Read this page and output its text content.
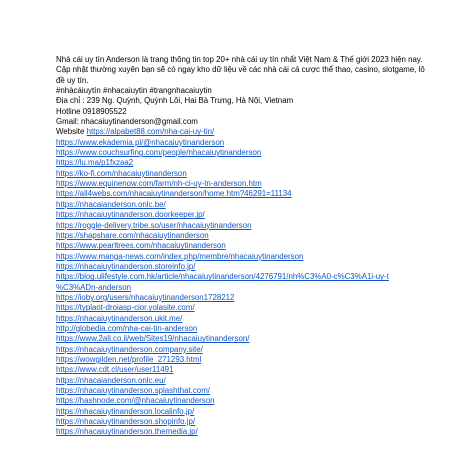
Nhà cái uy tín Anderson là trang thông tin top 20+ nhà cái uy tín nhất Việt Nam & Thế giới 2023 hiện nay. Cập nhật thường xuyên bạn sẽ có ngay kho dữ liệu về các nhà cái cá cược thể thao, casino, slotgame, lô đề uy tín.

#nhàcáiuytín #nhacaiuytin #trangnhacaiuytin
Địa chỉ : 239 Ng. Quỳnh, Quỳnh Lôi, Hai Bà Trưng, Hà Nội, Vietnam
Hotline 0918905522
Gmail: nhacaiuytinanderson@gmail.com
Website https://alpabet88.com/nha-cai-uy-tin/
https://www.ekademia.pl/@nhacaiuytinanderson
https://www.couchsurfing.com/people/nhacaiuytinanderson
https://lu.ma/p1fxzaa2
https://ko-fi.com/nhacaiuytinanderson
https://www.equinenow.com/farm/nh-ci-uy-tn-anderson.htm
https://all4webs.com/nhacaiuytinanderson/home.htm?46291=11134
https://nhacaianderson.onlc.be/
https://nhacaiuytinanderson.doorkeeper.jp/
https://roggle-delivery.tribe.so/user/nhacaiuytinanderson
https://shapshare.com/nhacaiuytinanderson
https://www.pearltrees.com/nhacaiuytinanderson
https://www.manga-news.com/index.php/membre/nhacaiuytinanderson
https://nhacaiuytinanderson.storeinfo.jp/
https://blog.ulifestyle.com.hk/article/nhacaiuytinanderson/4276791/nh%C3%A0-c%C3%A1i-uy-t
%C3%ADn-anderson
https://ioby.org/users/nhacaiuytinanderson1728212
https://typlaot-droiasp-cior.yolasite.com/
https://nhacaiuytinanderson.ukit.me/
http://globedia.com/nha-cai-tin-anderson
https://www.2all.co.il/web/Sites19/nhacaiuytinanderson/
https://nhacaiuytinanderson.company.site/
https://wowgilden.net/profile_271293.html
https://www.cdt.cl/user/user11491
https://nhacaianderson.onlc.eu/
https://nhacaiuytinanderson.splashthat.com/
https://hashnode.com/@nhacaiuytinanderson
https://nhacaiuytinanderson.localinfo.jp/
https://nhacaiuytinanderson.shopinfo.jp/
https://nhacaiuytinanderson.themedia.jp/
